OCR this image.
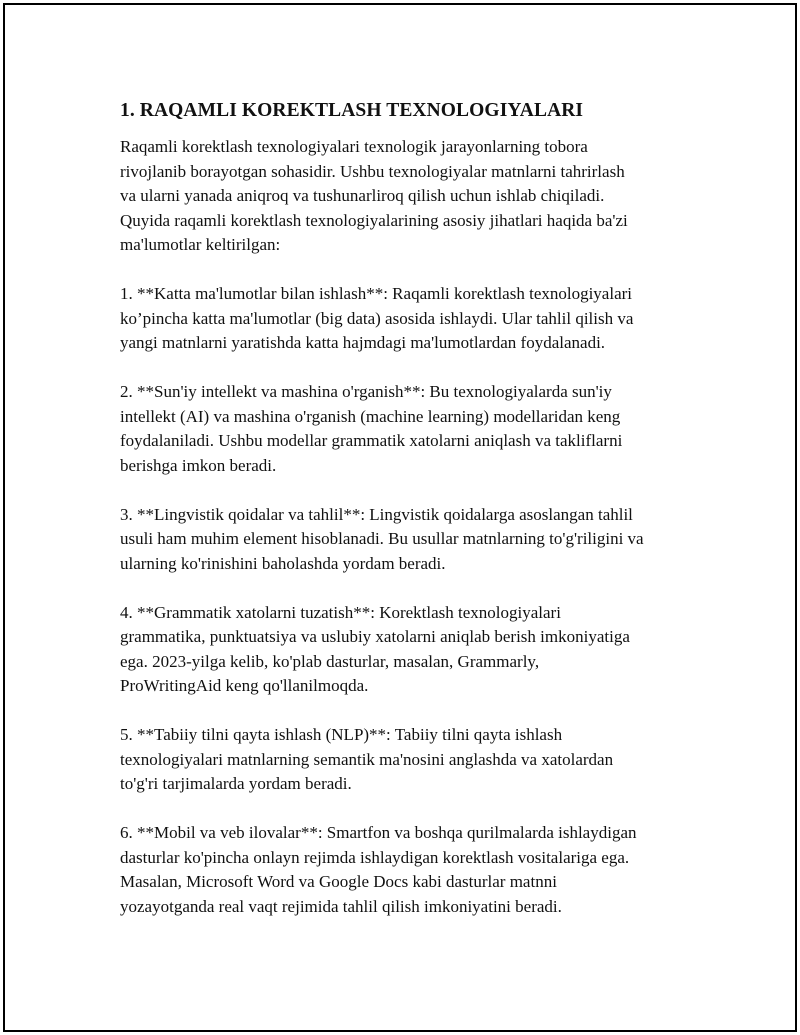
1. RAQAMLI KOREKTLASH TEXNOLOGIYALARI

Raqamli korektlash texnologiyalari texnologik jarayonlarning tobora
rivojlanib borayotgan sohasidir. Ushbu texnologiyalar matnlarni tahrirlash
va ularni yanada aniqroq va tushunarliroq qilish uchun ishlab chiqiladi.
Quyida raqamli korektlash texnologiyalarining asosiy jihatlari haqida ba'zi
ma'lumotlar keltirilgan:

1. **Katta ma'lumotlar bilan ishlash**: Raqamli korektlash texnologiyalari
ko’pincha katta ma'lumotlar (big data) asosida ishlaydi. Ular tahlil qilish va
yangi matnlarni yaratishda katta hajmdagi ma'lumotlardan foydalanadi.

2. **Sun'iy intellekt va mashina o'rganish**: Bu texnologiyalarda sun'iy
intellekt (AI) va mashina o'rganish (machine learning) modellaridan keng
foydalaniladi. Ushbu modellar grammatik xatolarni aniqlash va takliflarni
berishga imkon beradi.

3. **Lingvistik qoidalar va tahlil**: Lingvistik qoidalarga asoslangan tahlil
usuli ham muhim element hisoblanadi. Bu usullar matnlarning to'g'riligini va
ularning ko'rinishini baholashda yordam beradi.

4. **Grammatik xatolarni tuzatish**: Korektlash texnologiyalari
grammatika, punktuatsiya va uslubiy xatolarni aniqlab berish imkoniyatiga
ega. 2023-yilga kelib, ko'plab dasturlar, masalan, Grammarly,
ProWritingAid keng qo'llanilmoqda.

5. **Tabiiy tilni qayta ishlash (NLP)**: Tabiiy tilni qayta ishlash
texnologiyalari matnlarning semantik ma'nosini anglashda va xatolardan
to'g'ri tarjimalarda yordam beradi.

6. **Mobil va veb ilovalar**: Smartfon va boshqa qurilmalarda ishlaydigan
dasturlar ko'pincha onlayn rejimda ishlaydigan korektlash vositalariga ega.
Masalan, Microsoft Word va Google Docs kabi dasturlar matnni
yozayotganda real vaqt rejimida tahlil qilish imkoniyatini beradi.
